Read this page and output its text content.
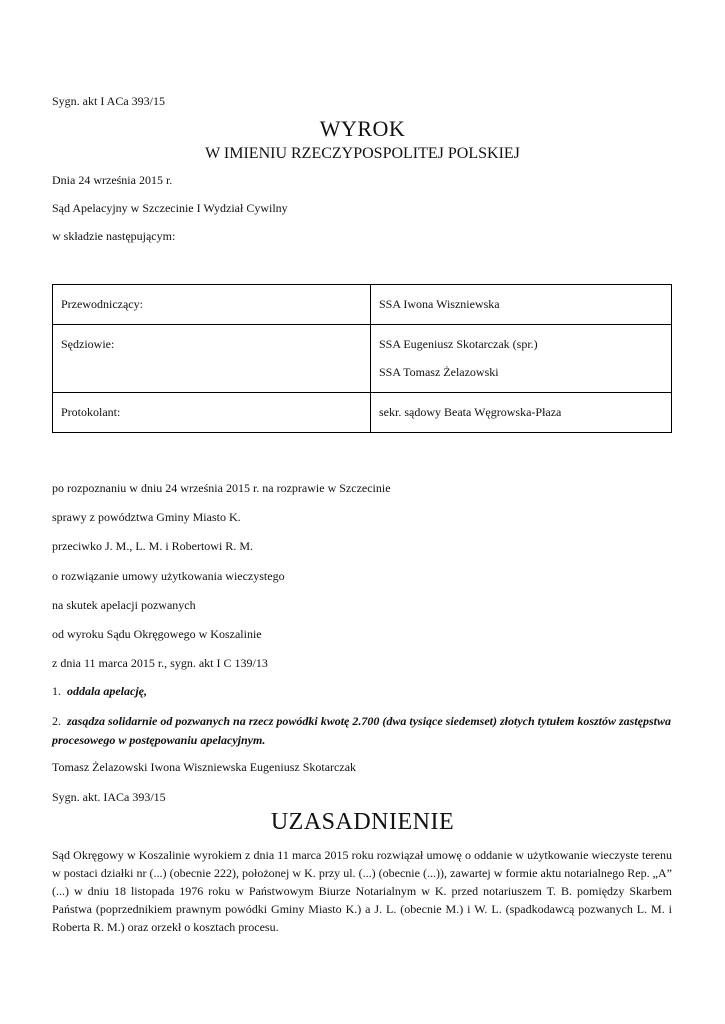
Sygn. akt I ACa 393/15
WYROK
W IMIENIU RZECZYPOSPOLITEJ POLSKIEJ
Dnia 24 września 2015 r.
Sąd Apelacyjny w Szczecinie I Wydział Cywilny
w składzie następującym:
Przewodniczący:	SSA Iwona Wiszniewska
Sędziowie:	SSA Eugeniusz Skotarczak (spr.)
SSA Tomasz Żelazowski

Protokolant:	sekr. sądowy Beata Węgrowska-Płaza
po rozpoznaniu w dniu 24 września 2015 r. na rozprawie w Szczecinie
sprawy z powództwa Gminy Miasto K.
przeciwko J. M., L. M. i Robertowi R. M.
o rozwiązanie umowy użytkowania wieczystego
na skutek apelacji pozwanych
od wyroku Sądu Okręgowego w Koszalinie
z dnia 11 marca 2015 r., sygn. akt I C 139/13
1. oddala apelację,
2. zasądza solidarnie od pozwanych na rzecz powódki kwotę 2.700 (dwa tysiące siedemset) złotych tytułem kosztów zastępstwa procesowego w postępowaniu apelacyjnym.
Tomasz Żelazowski Iwona Wiszniewska Eugeniusz Skotarczak
Sygn. akt. IACa 393/15
UZASADNIENIE
Sąd Okręgowy w Koszalinie wyrokiem z dnia 11 marca 2015 roku rozwiązał umowę o oddanie w użytkowanie wieczyste terenu w postaci działki nr (...) (obecnie 222), położonej w K. przy ul. (...) (obecnie (...)), zawartej w formie aktu notarialnego Rep. „A” (...) w dniu 18 listopada 1976 roku w Państwowym Biurze Notarialnym w K. przed notariuszem T. B. pomiędzy Skarbem Państwa (poprzednikiem prawnym powódki Gminy Miasto K.) a J. L. (obecnie M.) i W. L. (spadkodawcą pozwanych L. M. i Roberta R. M.) oraz orzekł o kosztach procesu.
